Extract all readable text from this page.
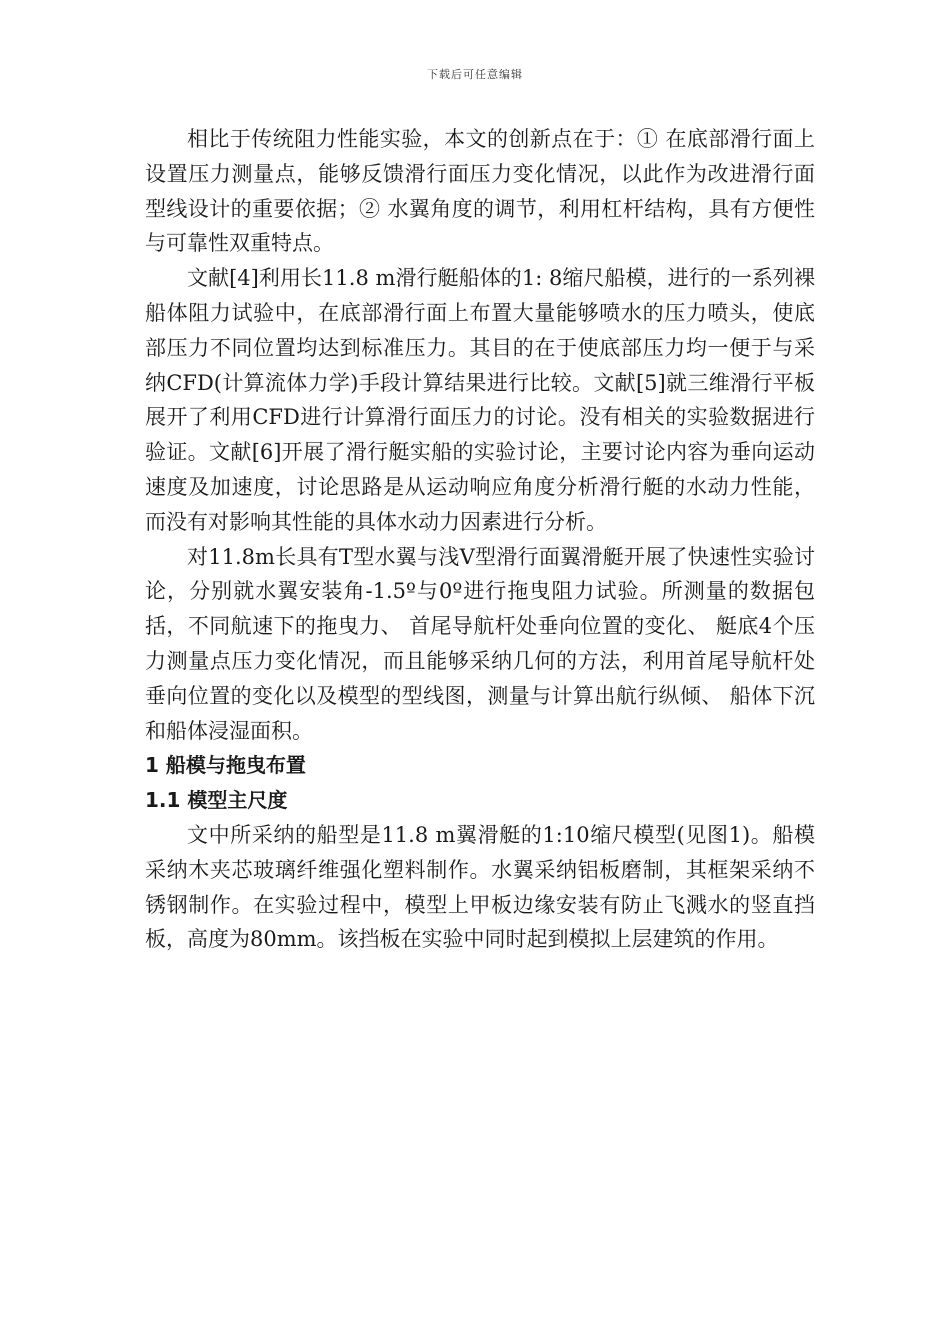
下载后可任意编辑

相比于传统阻力性能实验，本文的创新点在于：① 在底部滑行面上设置压力测量点，能够反馈滑行面压力变化情况，以此作为改进滑行面型线设计的重要依据；② 水翼角度的调节，利用杠杆结构，具有方便性与可靠性双重特点。

文献[4]利用长11.8 m滑行艇船体的1: 8缩尺船模，进行的一系列裸船体阻力试验中，在底部滑行面上布置大量能够喷水的压力喷头，使底部压力不同位置均达到标准压力。其目的在于使底部压力均一便于与采纳CFD(计算流体力学)手段计算结果进行比较。文献[5]就三维滑行平板展开了利用CFD进行计算滑行面压力的讨论。没有相关的实验数据进行验证。文献[6]开展了滑行艇实船的实验讨论，主要讨论内容为垂向运动速度及加速度，讨论思路是从运动响应角度分析滑行艇的水动力性能，而没有对影响其性能的具体水动力因素进行分析。

对11.8m长具有T型水翼与浅V型滑行面翼滑艇开展了快速性实验讨论，分别就水翼安装角-1.5º与0º进行拖曳阻力试验。所测量的数据包括，不同航速下的拖曳力、 首尾导航杆处垂向位置的变化、 艇底4个压力测量点压力变化情况，而且能够采纳几何的方法，利用首尾导航杆处垂向位置的变化以及模型的型线图，测量与计算出航行纵倾、 船体下沉和船体浸湿面积。

1 船模与拖曳布置

1.1 模型主尺度

文中所采纳的船型是11.8 m翼滑艇的1:10缩尺模型(见图1)。船模采纳木夹芯玻璃纤维强化塑料制作。水翼采纳铝板磨制，其框架采纳不锈钢制作。在实验过程中，模型上甲板边缘安装有防止飞溅水的竖直挡板，高度为80mm。该挡板在实验中同时起到模拟上层建筑的作用。
